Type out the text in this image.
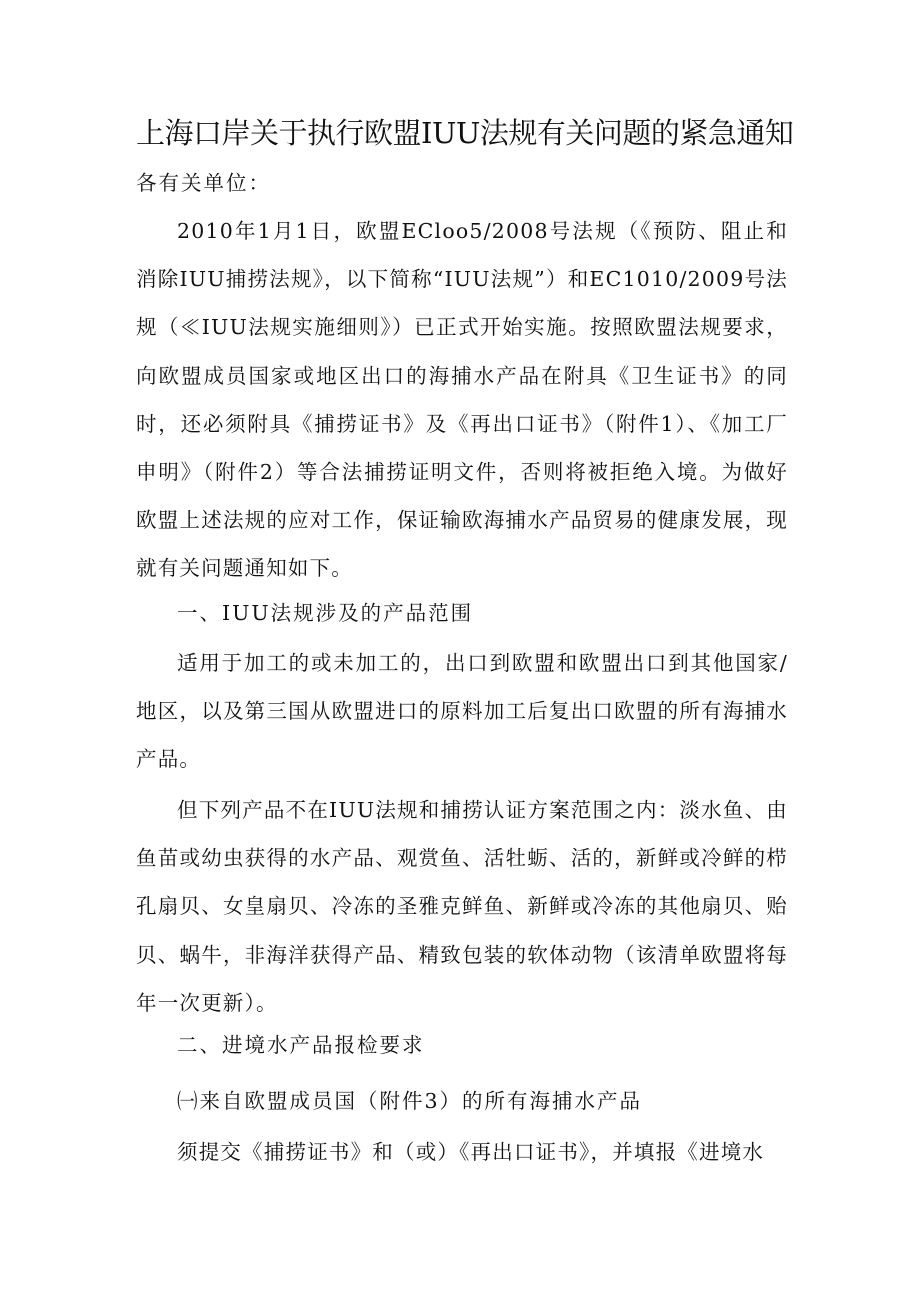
上海口岸关于执行欧盟IUU法规有关问题的紧急通知

各有关单位：

2010年1月1日，欧盟ECloo5/2008号法规（《预防、阻止和消除IUU捕捞法规》，以下简称“IUU法规”）和EC1010/2009号法规（≪IUU法规实施细则》）已正式开始实施。按照欧盟法规要求，向欧盟成员国家或地区出口的海捕水产品在附具《卫生证书》的同时，还必须附具《捕捞证书》及《再出口证书》（附件1）、《加工厂申明》（附件2）等合法捕捞证明文件，否则将被拒绝入境。为做好欧盟上述法规的应对工作，保证输欧海捕水产品贸易的健康发展，现就有关问题通知如下。

一、IUU法规涉及的产品范围

适用于加工的或未加工的，出口到欧盟和欧盟出口到其他国家/地区，以及第三国从欧盟进口的原料加工后复出口欧盟的所有海捕水产品。

但下列产品不在IUU法规和捕捞认证方案范围之内：淡水鱼、由鱼苗或幼虫获得的水产品、观赏鱼、活牡蛎、活的，新鲜或冷鲜的栉孔扇贝、女皇扇贝、冷冻的圣雅克鲜鱼、新鲜或冷冻的其他扇贝、贻贝、蜗牛，非海洋获得产品、精致包装的软体动物（该清单欧盟将每年一次更新）。

二、进境水产品报检要求

㈠来自欧盟成员国（附件3）的所有海捕水产品

须提交《捕捞证书》和（或）《再出口证书》，并填报《进境水
